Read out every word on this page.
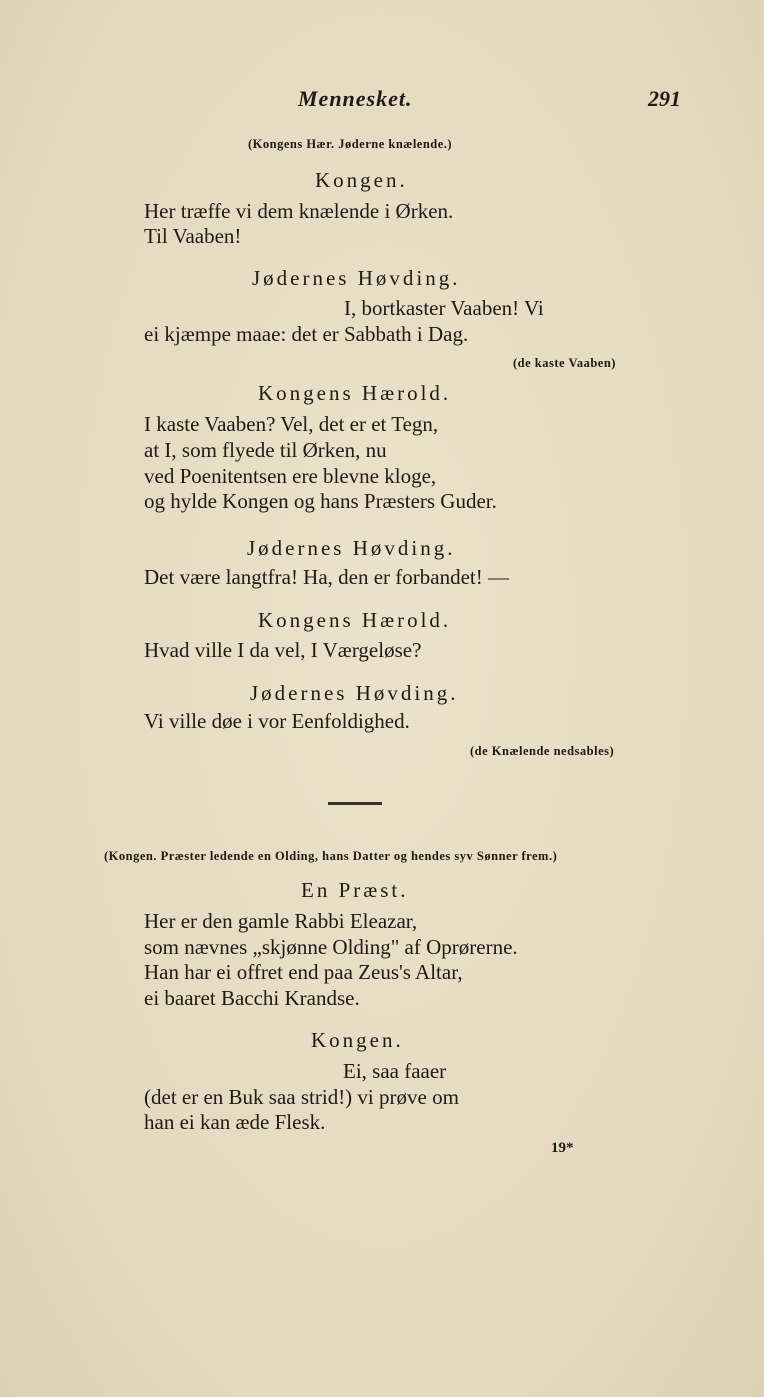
Mennesket.	291
(Kongens Hær. Jøderne knælende.)
Kongen.
Her træffe vi dem knælende i Ørken.
Til Vaaben!
Jødernes Høvding.
I, bortkaster Vaaben! Vi
ei kjæmpe maae: det er Sabbath i Dag.
(de kaste Vaaben)
Kongens Hærold.
I kaste Vaaben? Vel, det er et Tegn,
at I, som flyede til Ørken, nu
ved Poenitentsen ere blevne kloge,
og hylde Kongen og hans Præsters Guder.
Jødernes Høvding.
Det være langtfra! Ha, den er forbandet! —
Kongens Hærold.
Hvad ville I da vel, I Værgeløse?
Jødernes Høvding.
Vi ville døe i vor Eenfoldighed.
(de Knælende nedsables)
(Kongen. Præster ledende en Olding, hans Datter og hendes syv Sønner frem.)
En Præst.
Her er den gamle Rabbi Eleazar,
som nævnes „skjønne Olding" af Oprørerne.
Han har ei offret end paa Zeus's Altar,
ei baaret Bacchi Krandse.
Kongen.
Ei, saa faaer
(det er en Buk saa strid!) vi prøve om
han ei kan æde Flesk.
19*
